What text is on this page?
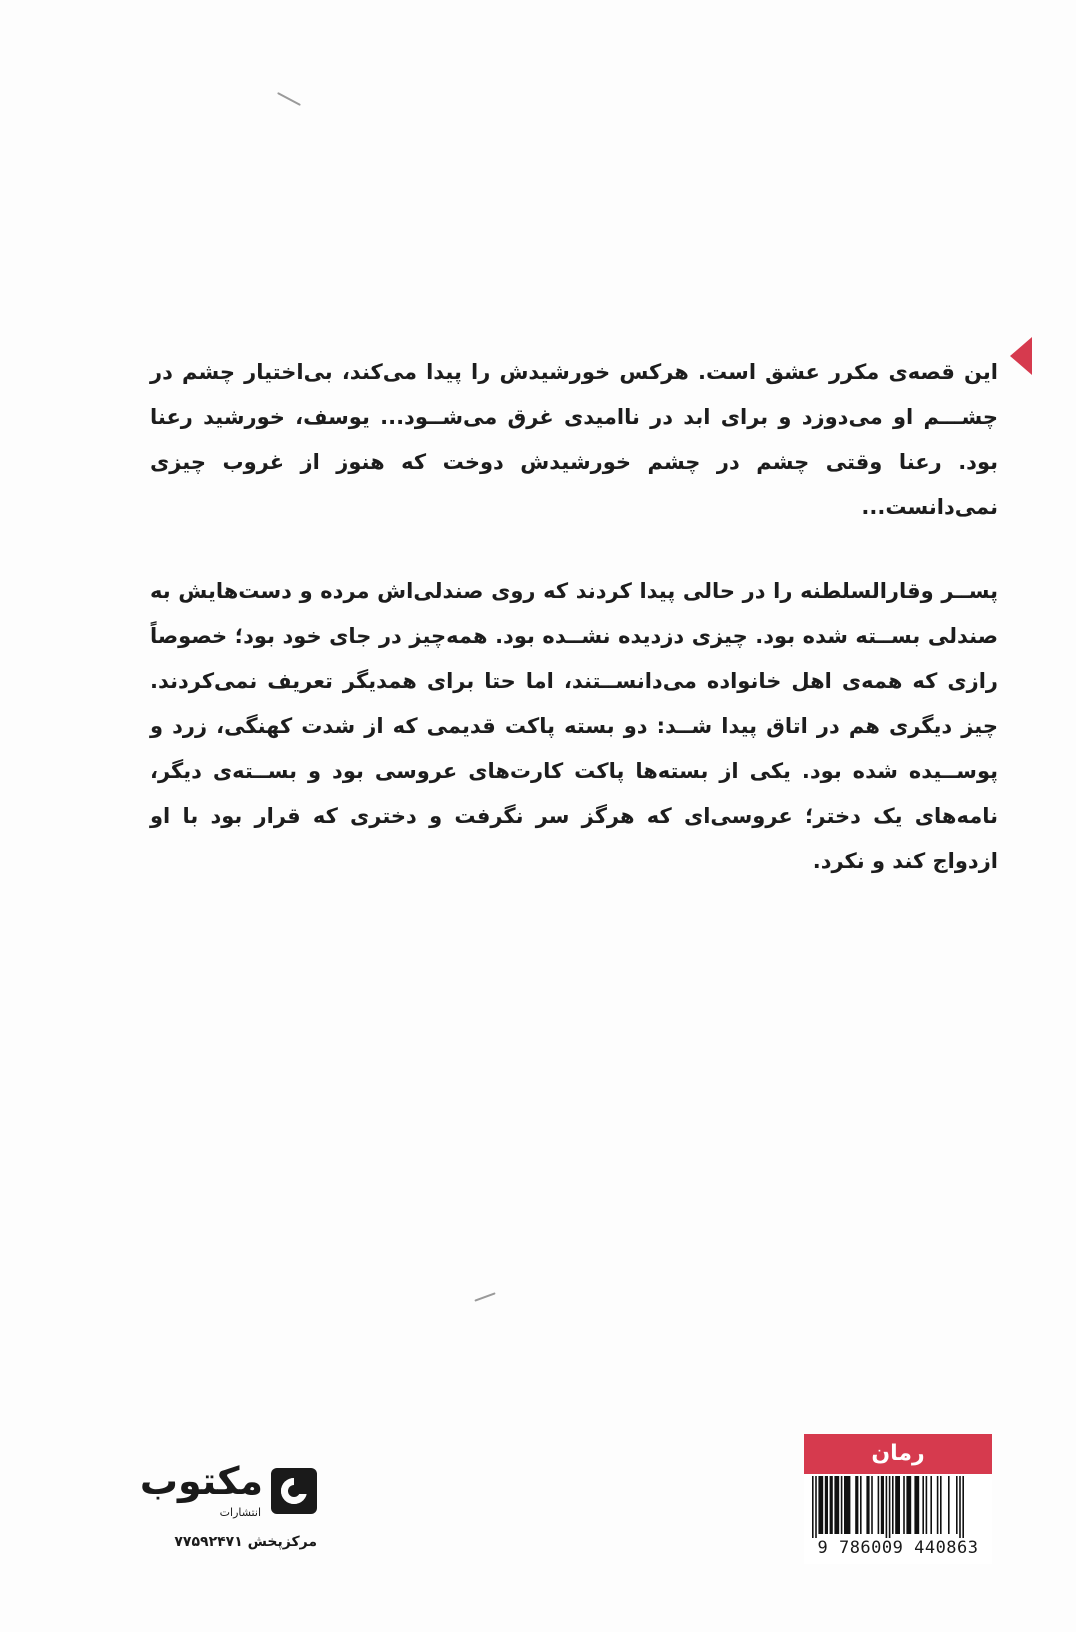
این قصه‌ی مکرر عشق است. هرکس خورشیدش را پیدا می‌کند، بی‌اختیار چشم در چشـــم او می‌دوزد و برای ابد در ناامیدی غرق می‌شــود... یوسف، خورشید رعنا بود. رعنا وقتی چشم در چشم خورشیدش دوخت که هنوز از غروب چیزی نمی‌دانست...

پســر وقارالسلطنه را در حالی پیدا کردند که روی صندلی‌اش مرده و دست‌هایش به صندلی بســته شده بود. چیزی دزدیده نشــده بود. همه‌چیز در جای خود بود؛ خصوصاً رازی که همه‌ی اهل خانواده می‌دانســتند، اما حتا برای همدیگر تعریف نمی‌کردند. چیز دیگری هم در اتاق پیدا شــد: دو بسته پاکت قدیمی که از شدت کهنگی، زرد و پوســیده شده بود. یکی از بسته‌ها پاکت کارت‌های عروسی بود و بســته‌ی دیگر، نامه‌های یک دختر؛ عروسی‌ای که هرگز سر نگرفت و دختری که قرار بود با او ازدواج کند و نکرد.

مکتوب
انتشارات
مرکزپخش ۷۷۵۹۲۴۷۱
رمان
9 786009 440863
